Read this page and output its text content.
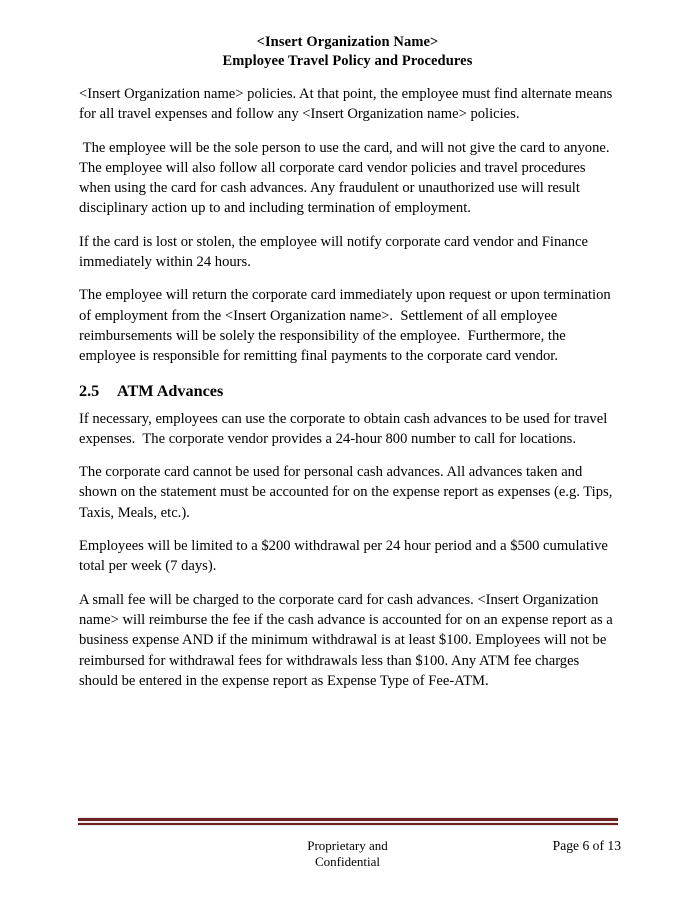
<Insert Organization Name>
Employee Travel Policy and Procedures

<Insert Organization name> policies. At that point, the employee must find alternate means for all travel expenses and follow any <Insert Organization name> policies.

The employee will be the sole person to use the card, and will not give the card to anyone. The employee will also follow all corporate card vendor policies and travel procedures when using the card for cash advances. Any fraudulent or unauthorized use will result disciplinary action up to and including termination of employment.

If the card is lost or stolen, the employee will notify corporate card vendor and Finance immediately within 24 hours.

The employee will return the corporate card immediately upon request or upon termination of employment from the <Insert Organization name>.  Settlement of all employee reimbursements will be solely the responsibility of the employee.  Furthermore, the employee is responsible for remitting final payments to the corporate card vendor.

2.5 ATM Advances

If necessary, employees can use the corporate to obtain cash advances to be used for travel expenses.  The corporate vendor provides a 24-hour 800 number to call for locations.

The corporate card cannot be used for personal cash advances. All advances taken and shown on the statement must be accounted for on the expense report as expenses (e.g. Tips, Taxis, Meals, etc.).

Employees will be limited to a $200 withdrawal per 24 hour period and a $500 cumulative total per week (7 days).

A small fee will be charged to the corporate card for cash advances. <Insert Organization name> will reimburse the fee if the cash advance is accounted for on an expense report as a business expense AND if the minimum withdrawal is at least $100. Employees will not be reimbursed for withdrawal fees for withdrawals less than $100. Any ATM fee charges should be entered in the expense report as Expense Type of Fee-ATM.

Proprietary and
Confidential
Page 6 of 13
